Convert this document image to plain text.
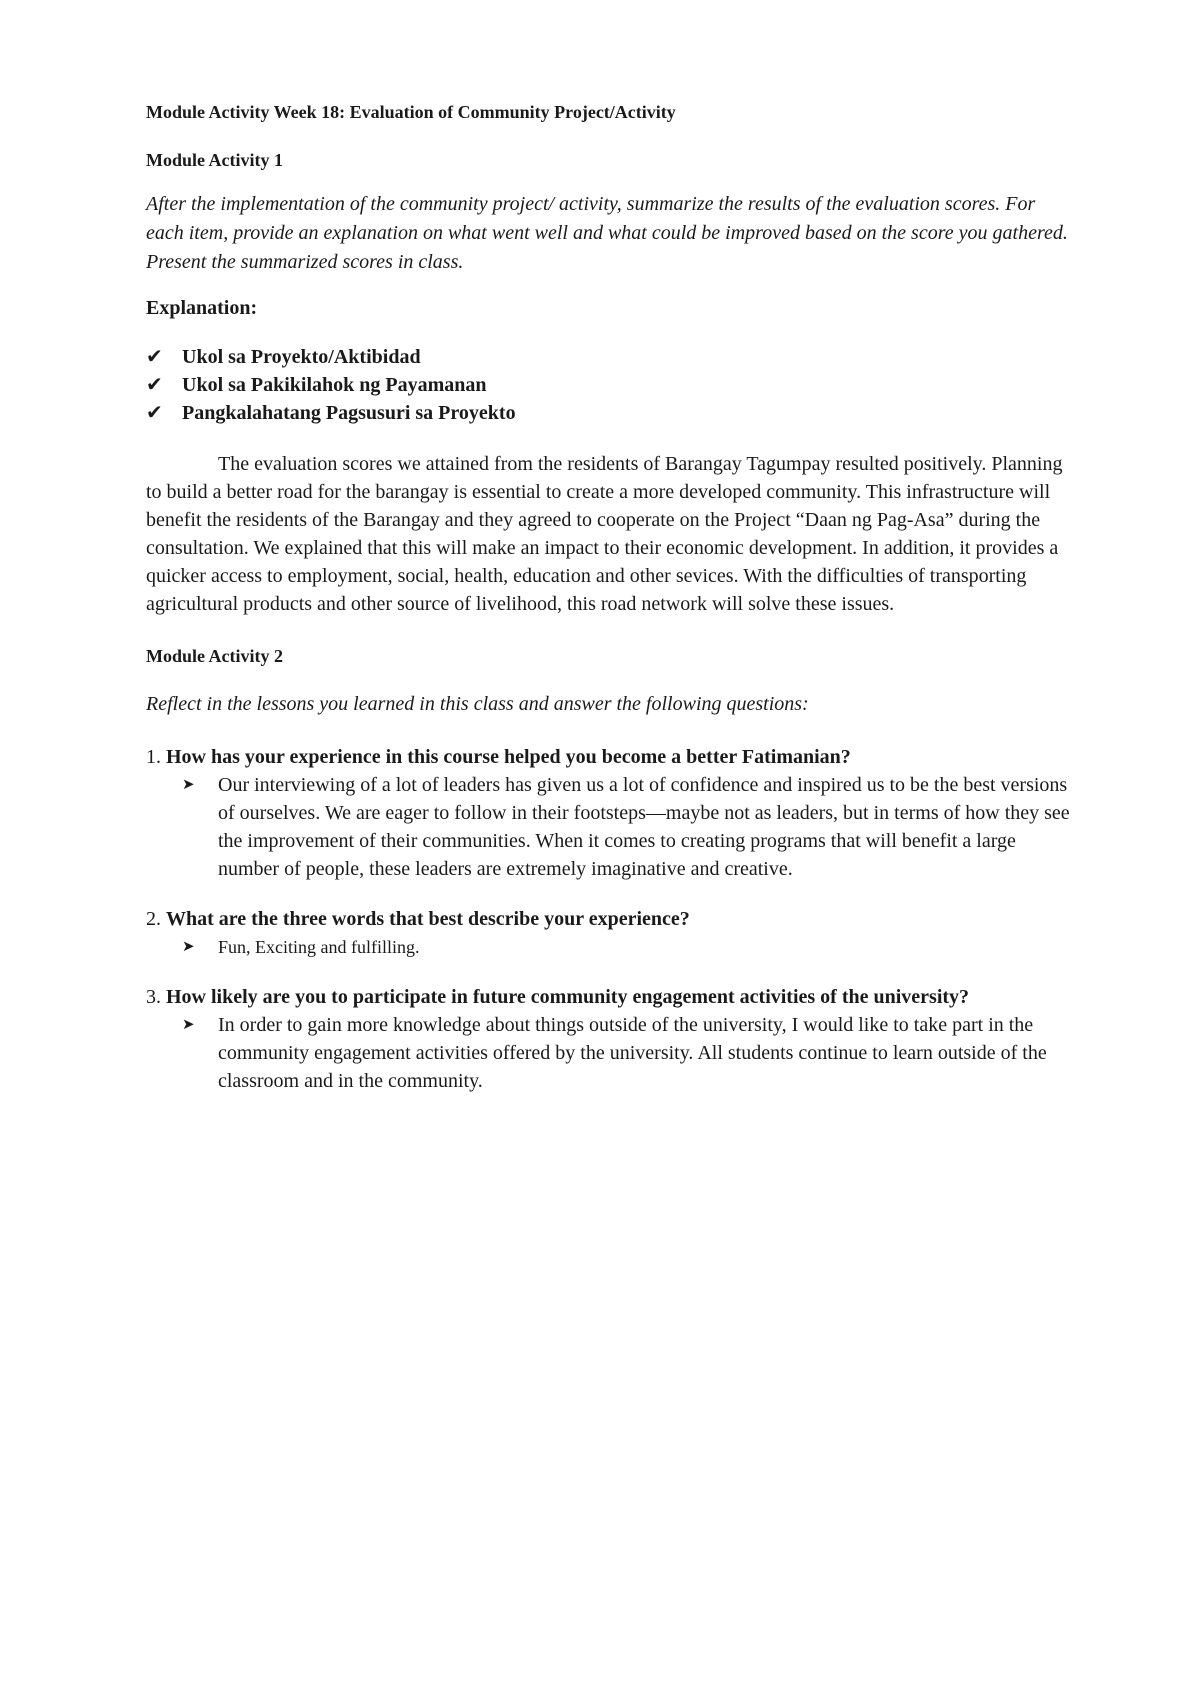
Module Activity Week 18: Evaluation of Community Project/Activity

Module Activity 1

After the implementation of the community project/ activity, summarize the results of the evaluation scores. For each item, provide an explanation on what went well and what could be improved based on the score you gathered. Present the summarized scores in class.

Explanation:

✔ Ukol sa Proyekto/Aktibidad
✔ Ukol sa Pakikilahok ng Payamanan
✔ Pangkalahatang Pagsusuri sa Proyekto

The evaluation scores we attained from the residents of Barangay Tagumpay resulted positively. Planning to build a better road for the barangay is essential to create a more developed community. This infrastructure will benefit the residents of the Barangay and they agreed to cooperate on the Project “Daan ng Pag-Asa” during the consultation. We explained that this will make an impact to their economic development. In addition, it provides a quicker access to employment, social, health, education and other sevices. With the difficulties of transporting agricultural products and other source of livelihood, this road network will solve these issues.

Module Activity 2

Reflect in the lessons you learned in this class and answer the following questions:

1. How has your experience in this course helped you become a better Fatimanian?

➤	Our interviewing of a lot of leaders has given us a lot of confidence and inspired us to be the best versions of ourselves. We are eager to follow in their footsteps—maybe not as leaders, but in terms of how they see the improvement of their communities. When it comes to creating programs that will benefit a large number of people, these leaders are extremely imaginative and creative.

2. What are the three words that best describe your experience?

➤	Fun, Exciting and fulfilling.

3. How likely are you to participate in future community engagement activities of the university?

➤	In order to gain more knowledge about things outside of the university, I would like to take part in the community engagement activities offered by the university. All students continue to learn outside of the classroom and in the community.
